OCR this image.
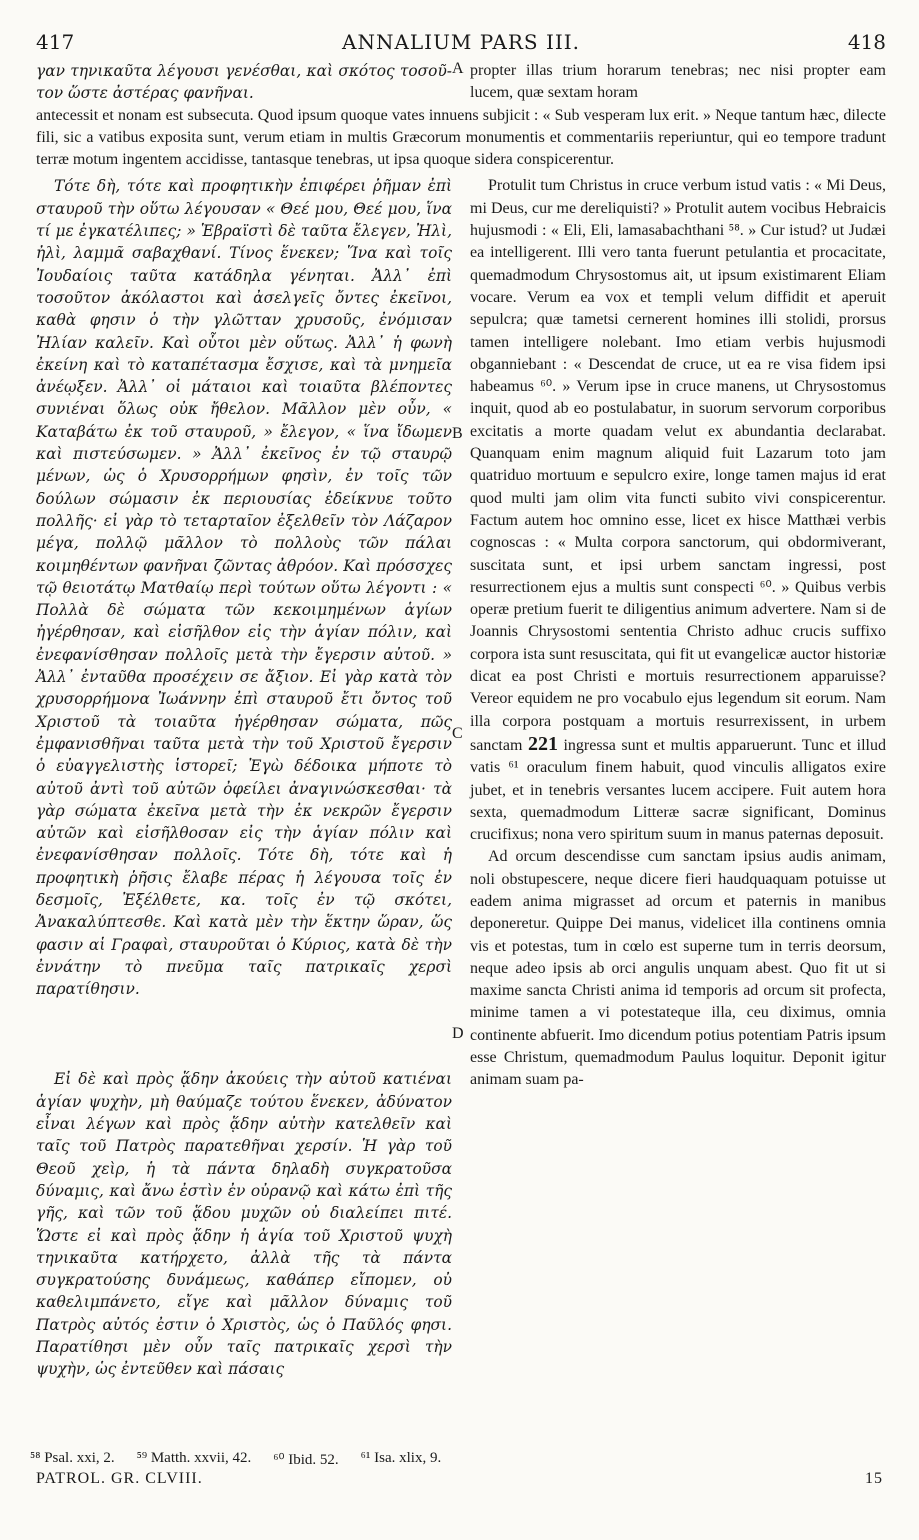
417	ANNALIUM PARS III.	418
γαν τηνικαῦτα λέγουσι γενέσθαι, καὶ σκότος τοσοῦ- τον ὥστε ἀστέρας φανῆναι.
propter illas trium horarum tenebras; nec nisi propter eam lucem, quæ sextam horam
A
antecessit et nonam est subsecuta. Quod ipsum quoque vates innuens subjicit : « Sub vesperam lux erit. » Neque tantum hæc, dilecte fili, sic a vatibus exposita sunt, verum etiam in multis Græcorum monumentis et commentariis reperiuntur, qui eo tempore tradunt terræ motum ingentem accidisse, tantasque tenebras, ut ipsa quoque sidera conspicerentur.

Τότε δὴ, τότε καὶ προφητικὴν ἐπιφέρει ῥῆμαν ἐπὶ σταυροῦ τὴν οὕτω λέγουσαν « Θεέ μου, Θεέ μου, ἵνα τί με ἐγκατέλιπες; » Ἑβραϊστὶ δὲ ταῦτα ἔλεγεν, Ἠλὶ, ἠλὶ, λαμμᾶ σαβαχθανί. Τίνος ἕνεκεν; Ἵνα καὶ τοῖς Ἰουδαίοις ταῦτα κατάδηλα γένηται. Ἀλλ᾽ ἐπὶ τοσοῦτον ἀκόλαστοι καὶ ἀσελγεῖς ὄντες ἐκεῖνοι, καθὰ φησιν ὁ τὴν γλῶτταν χρυσοῦς, ἐνόμισαν Ἠλίαν καλεῖν. Καὶ οὗτοι μὲν οὕτως. Ἀλλ᾽ ἡ φωνὴ ἐκείνη καὶ τὸ καταπέτασμα ἔσχισε, καὶ τὰ μνημεῖα ἀνέῳξεν. Ἀλλ᾽ οἱ μάταιοι καὶ τοιαῦτα βλέποντες συνιέναι ὅλως οὐκ ἤθελον. Μᾶλλον μὲν οὖν, « Καταβάτω ἐκ τοῦ σταυροῦ, » ἔλεγον, « ἵνα ἴδωμεν καὶ πιστεύσωμεν. » Ἀλλ᾽ ἐκεῖνος ἐν τῷ σταυρῷ μένων, ὡς ὁ Χρυσορρήμων φησὶν, ἐν τοῖς τῶν δούλων σώμασιν ἐκ περιουσίας ἐδείκνυε τοῦτο πολλῆς· εἰ γὰρ τὸ τεταρταῖον ἐξελθεῖν τὸν Λάζαρον μέγα, πολλῷ μᾶλλον τὸ πολλοὺς τῶν πάλαι κοιμηθέντων φανῆναι ζῶντας ἀθρόον. Καὶ πρόσσχες τῷ θειοτάτῳ Ματθαίῳ περὶ τούτων οὕτω λέγοντι : « Πολλὰ δὲ σώματα τῶν κεκοιμημένων ἁγίων ἠγέρθησαν, καὶ εἰσῆλθον εἰς τὴν ἁγίαν πόλιν, καὶ ἐνεφανίσθησαν πολλοῖς μετὰ τὴν ἔγερσιν αὐτοῦ. » Ἀλλ᾽ ἐνταῦθα προσέχειν σε ἄξιον. Εἰ γὰρ κατὰ τὸν χρυσορρήμονα Ἰωάννην ἐπὶ σταυροῦ ἔτι ὄντος τοῦ Χριστοῦ τὰ τοιαῦτα ἠγέρθησαν σώματα, πῶς ἐμφανισθῆναι ταῦτα μετὰ τὴν τοῦ Χριστοῦ ἔγερσιν ὁ εὐαγγελιστὴς ἱστορεῖ; Ἐγὼ δέδοικα μήποτε τὸ αὐτοῦ ἀντὶ τοῦ αὐτῶν ὀφείλει ἀναγινώσκεσθαι· τὰ γὰρ σώματα ἐκεῖνα μετὰ τὴν ἐκ νεκρῶν ἔγερσιν αὐτῶν καὶ εἰσῆλθοσαν εἰς τὴν ἁγίαν πόλιν καὶ ἐνεφανίσθησαν πολλοῖς. Τότε δὴ, τότε καὶ ἡ προφητικὴ ῥῆσις ἔλαβε πέρας ἡ λέγουσα τοῖς ἐν δεσμοῖς, Ἐξέλθετε, κα. τοῖς ἐν τῷ σκότει, Ἀνακαλύπτεσθε. Καὶ κατὰ μὲν τὴν ἕκτην ὥραν, ὥς φασιν αἱ Γραφαὶ, σταυροῦται ὁ Κύριος, κατὰ δὲ τὴν ἐννάτην τὸ πνεῦμα ταῖς πατρικαῖς χερσὶ παρατίθησιν.

Εἰ δὲ καὶ πρὸς ᾅδην ἀκούεις τὴν αὐτοῦ κατιέναι ἁγίαν ψυχὴν, μὴ θαύμαζε τούτου ἕνεκεν, ἀδύνατον εἶναι λέγων καὶ πρὸς ᾅδην αὐτὴν κατελθεῖν καὶ ταῖς τοῦ Πατρὸς παρατεθῆναι χερσίν. Ἡ γὰρ τοῦ Θεοῦ χεὶρ, ἡ τὰ πάντα δηλαδὴ συγκρατοῦσα δύναμις, καὶ ἄνω ἐστὶν ἐν οὐρανῷ καὶ κάτω ἐπὶ τῆς γῆς, καὶ τῶν τοῦ ᾅδου μυχῶν οὐ διαλείπει πιτέ. Ὥστε εἰ καὶ πρὸς ᾅδην ἡ ἁγία τοῦ Χριστοῦ ψυχὴ τηνικαῦτα κατήρχετο, ἀλλὰ τῆς τὰ πάντα συγκρατούσης δυνάμεως, καθάπερ εἴπομεν, οὐ καθελιμπάνετο, εἴγε καὶ μᾶλλον δύναμις τοῦ Πατρὸς αὐτός ἐστιν ὁ Χριστὸς, ὡς ὁ Παῦλός φησι. Παρατίθησι μὲν οὖν ταῖς πατρικαῖς χερσὶ τὴν ψυχὴν, ὡς ἐντεῦθεν καὶ πάσαις

Protulit tum Christus in cruce verbum istud vatis : « Mi Deus, mi Deus, cur me dereliquisti? » Protulit autem vocibus Hebraicis hujusmodi : « Eli, Eli, lamasabachthani ⁵⁸. » Cur istud? ut Judæi ea intelligerent. Illi vero tanta fuerunt petulantia et procacitate, quemadmodum Chrysostomus ait, ut ipsum existimarent Eliam vocare. Verum ea vox et templi velum diffidit et aperuit sepulcra; quæ tametsi cernerent homines illi stolidi, prorsus tamen intelligere nolebant. Imo etiam verbis hujusmodi obganniebant : « Descendat de cruce, ut ea re visa fidem ipsi habeamus ⁶⁰. » Verum ipse in cruce manens, ut Chrysostomus inquit, quod ab eo postulabatur, in suorum servorum corporibus excitatis a morte quadam velut ex abundantia declarabat. Quanquam enim magnum aliquid fuit Lazarum toto jam quatriduo mortuum e sepulcro exire, longe tamen majus id erat quod multi jam olim vita functi subito vivi conspicerentur. Factum autem hoc omnino esse, licet ex hisce Matthæi verbis cognoscas : « Multa corpora sanctorum, qui obdormiverant, suscitata sunt, et ipsi urbem sanctam ingressi, post resurrectionem ejus a multis sunt conspecti ⁶⁰. » Quibus verbis operæ pretium fuerit te diligentius animum advertere. Nam si de Joannis Chrysostomi sententia Christo adhuc crucis suffixo corpora ista sunt resuscitata, qui fit ut evangelicæ auctor historiæ dicat ea post Christi e mortuis resurrectionem apparuisse? Vereor equidem ne pro vocabulo ejus legendum sit eorum. Nam illa corpora postquam a mortuis resurrexissent, in urbem sanctam 221 ingressa sunt et multis apparuerunt. Tunc et illud vatis ⁶¹ oraculum finem habuit, quod vinculis alligatos exire jubet, et in tenebris versantes lucem accipere. Fuit autem hora sexta, quemadmodum Litteræ sacræ significant, Dominus crucifixus; nona vero spiritum suum in manus paternas deposuit.

Ad orcum descendisse cum sanctam ipsius audis animam, noli obstupescere, neque dicere fieri haudquaquam potuisse ut eadem anima migrasset ad orcum et paternis in manibus deponeretur. Quippe Dei manus, videlicet illa continens omnia vis et potestas, tum in cœlo est superne tum in terris deorsum, neque adeo ipsis ab orci angulis unquam abest. Quo fit ut si maxime sancta Christi anima id temporis ad orcum sit profecta, minime tamen a vi potestateque illa, ceu diximus, omnia continente abfuerit. Imo dicendum potius potentiam Patris ipsum esse Christum, quemadmodum Paulus loquitur. Deponit igitur animam suam pa-

B
C
D
⁵⁸ Psal. xxi, 2. ⁵⁹ Matth. xxvii, 42. ⁶⁰ Ibid. 52. ⁶¹ Isa. xlix, 9.
PATROL. GR. CLVIII.	15
